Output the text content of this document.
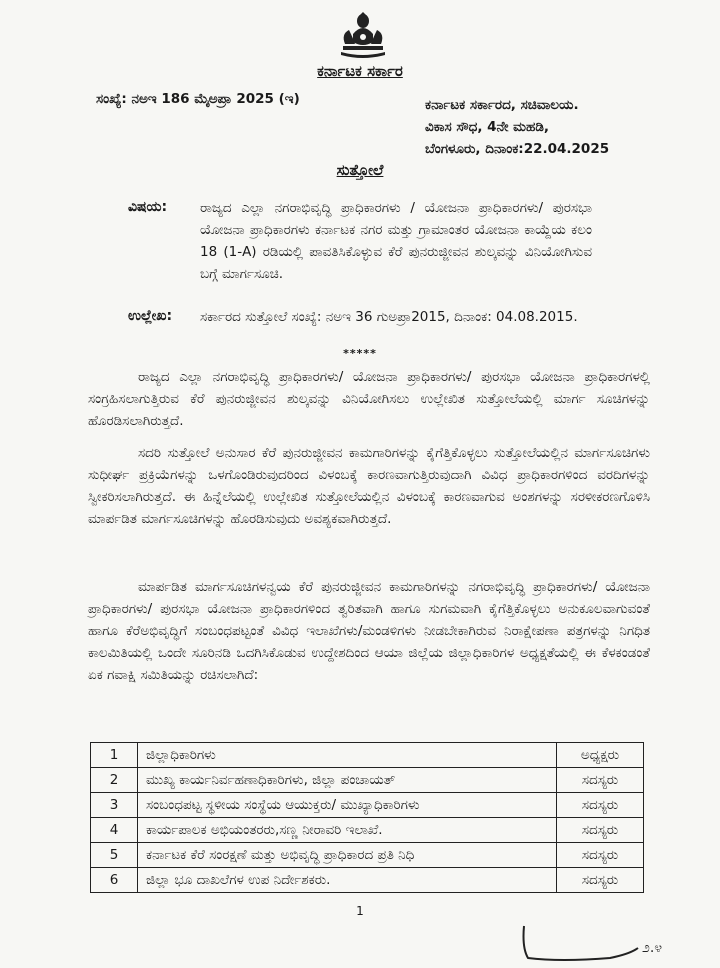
ಕರ್ನಾಟಕ ಸರ್ಕಾರ
ಸಂಖ್ಯೆ: ನಅಇ 186 ಮೈಅಪ್ರಾ 2025 (ಇ)	ಕರ್ನಾಟಕ ಸರ್ಕಾರದ, ಸಚಿವಾಲಯ.
ವಿಕಾಸ ಸೌಧ, 4ನೇ ಮಹಡಿ,
ಬೆಂಗಳೂರು, ದಿನಾಂಕ:22.04.2025
ಸುತ್ತೋಲೆ
ವಿಷಯ: ರಾಜ್ಯದ ಎಲ್ಲಾ ನಗರಾಭಿವೃದ್ಧಿ ಪ್ರಾಧಿಕಾರಗಳು / ಯೋಜನಾ ಪ್ರಾಧಿಕಾರಗಳು/ ಪುರಸಭಾ ಯೋಜನಾ ಪ್ರಾಧಿಕಾರಗಳು ಕರ್ನಾಟಕ ನಗರ ಮತ್ತು ಗ್ರಾಮಾಂತರ ಯೋಜನಾ ಕಾಯ್ದೆಯ ಕಲಂ 18 (1-A) ರಡಿಯಲ್ಲಿ ಪಾವತಿಸಿಕೊಳ್ಳುವ ಕೆರೆ ಪುನರುಜ್ಜೀವನ ಶುಲ್ಕವನ್ನು ವಿನಿಯೋಗಿಸುವ ಬಗ್ಗೆ ಮಾರ್ಗಸೂಚಿ.
ಉಲ್ಲೇಖ: ಸರ್ಕಾರದ ಸುತ್ತೋಲೆ ಸಂಖ್ಯೆ: ನಅಇ 36 ಗುಅಪ್ರಾ2015, ದಿನಾಂಕ: 04.08.2015.
*****
ರಾಜ್ಯದ ಎಲ್ಲಾ ನಗರಾಭಿವೃದ್ಧಿ ಪ್ರಾಧಿಕಾರಗಳು/ ಯೋಜನಾ ಪ್ರಾಧಿಕಾರಗಳು/ ಪುರಸಭಾ ಯೋಜನಾ ಪ್ರಾಧಿಕಾರಗಳಲ್ಲಿ ಸಂಗ್ರಹಿಸಲಾಗುತ್ತಿರುವ ಕೆರೆ ಪುನರುಜ್ಜೀವನ ಶುಲ್ಕವನ್ನು ವಿನಿಯೋಗಿಸಲು ಉಲ್ಲೇಖಿತ ಸುತ್ತೋಲೆಯಲ್ಲಿ ಮಾರ್ಗ ಸೂಚಿಗಳನ್ನು ಹೊರಡಿಸಲಾಗಿರುತ್ತದೆ.
ಸದರಿ ಸುತ್ತೋಲೆ ಅನುಸಾರ ಕೆರೆ ಪುನರುಜ್ಜೀವನ ಕಾಮಗಾರಿಗಳನ್ನು ಕೈಗೆತ್ತಿಕೊಳ್ಳಲು ಸುತ್ತೋಲೆಯಲ್ಲಿನ ಮಾರ್ಗಸೂಚಿಗಳು ಸುಧೀರ್ಘ ಪ್ರಕ್ರಿಯೆಗಳನ್ನು ಒಳಗೊಂಡಿರುವುದರಿಂದ ವಿಳಂಬಕ್ಕೆ ಕಾರಣವಾಗುತ್ತಿರುವುದಾಗಿ ವಿವಿಧ ಪ್ರಾಧಿಕಾರಗಳಿಂದ ವರದಿಗಳನ್ನು ಸ್ವೀಕರಿಸಲಾಗಿರುತ್ತದೆ. ಈ ಹಿನ್ನೆಲೆಯಲ್ಲಿ ಉಲ್ಲೇಖಿತ ಸುತ್ತೋಲೆಯಲ್ಲಿನ ವಿಳಂಬಕ್ಕೆ ಕಾರಣವಾಗುವ ಅಂಶಗಳನ್ನು ಸರಳೀಕರಣಗೊಳಿಸಿ ಮಾರ್ಪಡಿತ ಮಾರ್ಗಸೂಚಿಗಳನ್ನು ಹೊರಡಿಸುವುದು ಅವಶ್ಯಕವಾಗಿರುತ್ತದೆ.
ಮಾರ್ಪಡಿತ ಮಾರ್ಗಸೂಚಿಗಳನ್ವಯ ಕೆರೆ ಪುನರುಜ್ಜೀವನ ಕಾಮಗಾರಿಗಳನ್ನು ನಗರಾಭಿವೃದ್ಧಿ ಪ್ರಾಧಿಕಾರಗಳು/ ಯೋಜನಾ ಪ್ರಾಧಿಕಾರಗಳು/ ಪುರಸಭಾ ಯೋಜನಾ ಪ್ರಾಧಿಕಾರಗಳಿಂದ ತ್ವರಿತವಾಗಿ ಹಾಗೂ ಸುಗಮವಾಗಿ ಕೈಗೆತ್ತಿಕೊಳ್ಳಲು ಅನುಕೂಲವಾಗುವಂತೆ ಹಾಗೂ ಕೆರೆಅಭಿವೃದ್ಧಿಗೆ ಸಂಬಂಧಪಟ್ಟಂತೆ ವಿವಿಧ ಇಲಾಖೆಗಳು/ಮಂಡಳಿಗಳು ನೀಡಬೇಕಾಗಿರುವ ನಿರಾಕ್ಷೇಪಣಾ ಪತ್ರಗಳನ್ನು ನಿಗಧಿತ ಕಾಲಮಿತಿಯಲ್ಲಿ ಒಂದೇ ಸೂರಿನಡಿ ಒದಗಿಸಿಕೊಡುವ ಉದ್ದೇಶದಿಂದ ಆಯಾ ಜಿಲ್ಲೆಯ ಜಿಲ್ಲಾಧಿಕಾರಿಗಳ ಅಧ್ಯಕ್ಷತೆಯಲ್ಲಿ ಈ ಕೆಳಕಂಡಂತೆ ಏಕ ಗವಾಕ್ಷಿ ಸಮಿತಿಯನ್ನು ರಚಿಸಲಾಗಿದೆ:
1	ಜಿಲ್ಲಾಧಿಕಾರಿಗಳು	ಅಧ್ಯಕ್ಷರು
2	ಮುಖ್ಯ ಕಾರ್ಯನಿರ್ವಹಣಾಧಿಕಾರಿಗಳು, ಜಿಲ್ಲಾ ಪಂಚಾಯತ್	ಸದಸ್ಯರು
3	ಸಂಬಂಧಪಟ್ಟ ಸ್ಥಳೀಯ ಸಂಸ್ಥೆಯ ಆಯುಕ್ತರು/ ಮುಖ್ಯಾಧಿಕಾರಿಗಳು	ಸದಸ್ಯರು
4	ಕಾರ್ಯಪಾಲಕ ಅಭಿಯಂತರರು,ಸಣ್ಣ ನೀರಾವರಿ ಇಲಾಖೆ.	ಸದಸ್ಯರು
5	ಕರ್ನಾಟಕ ಕೆರೆ ಸಂರಕ್ಷಣೆ ಮತ್ತು ಅಭಿವೃದ್ಧಿ ಪ್ರಾಧಿಕಾರದ ಪ್ರತಿ ನಿಧಿ	ಸದಸ್ಯರು
6	ಜಿಲ್ಲಾ ಭೂ ದಾಖಲೆಗಳ ಉಪ ನಿರ್ದೇಶಕರು.	ಸದಸ್ಯರು
1
೨.೪
